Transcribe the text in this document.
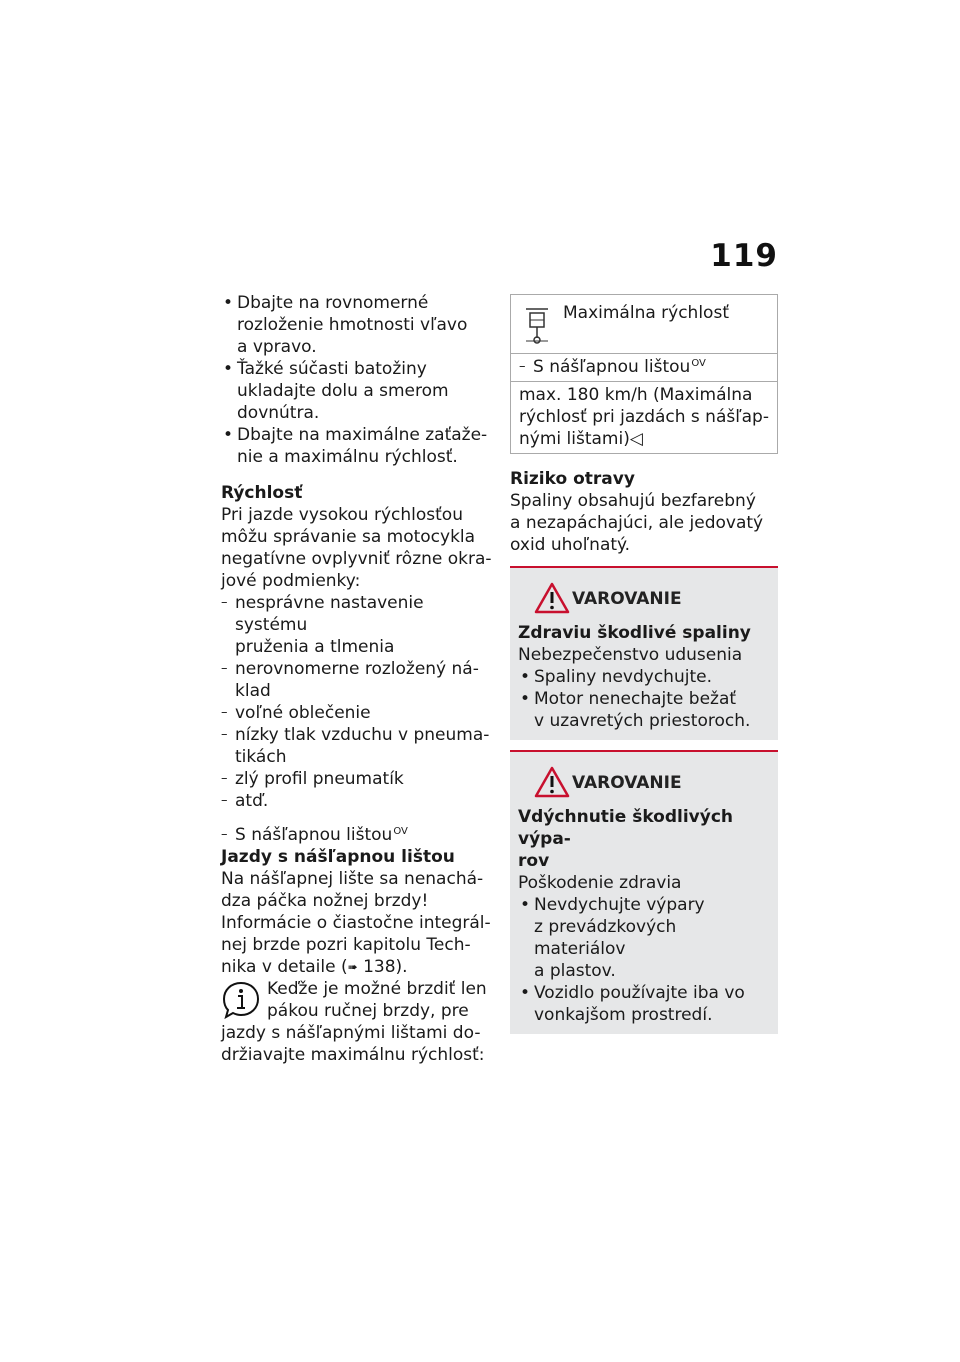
119
• Dbajte na rovnomerné
rozloženie hmotnosti vľavo
a vpravo.
• Ťažké súčasti batožiny
ukladajte dolu a smerom
dovnútra.
• Dbajte na maximálne zaťaže-
nie a maximálnu rýchlosť.
Rýchlosť
Pri jazde vysokou rýchlosťou
môžu správanie sa motocykla
negatívne ovplyvniť rôzne okra-
jové podmienky:
– nesprávne nastavenie systému
pruženia a tlmenia
– nerovnomerne rozložený ná-
klad
– voľné oblečenie
– nízky tlak vzduchu v pneuma-
tikách
– zlý profil pneumatík
– atď.
– S nášľapnou lištou$^{OV}$
Jazdy s nášľapnou lištou
Na nášľapnej lište sa nenachá-
dza páčka nožnej brzdy!
Informácie o čiastočne integrál-
nej brzde pozri kapitolu Tech-
nika v detaile (➠ 138).
Keďže je možné brzdiť len
pákou ručnej brzdy, pre
jazdy s nášľapnými lištami do-
držiavajte maximálnu rýchlosť:
Maximálna rýchlosť
– S nášľapnou lištou$^{OV}$
max. 180 km/h (Maximálna
rýchlosť pri jazdách s nášľap-
nými lištami)◁
Riziko otravy
Spaliny obsahujú bezfarebný
a nezapáchajúci, ale jedovatý
oxid uhoľnatý.
VAROVANIE
Zdraviu škodlivé spaliny
Nebezpečenstvo udusenia
• Spaliny nevdychujte.
• Motor nenechajte bežať
v uzavretých priestoroch.
VAROVANIE
Vdýchnutie škodlivých výpa-
rov
Poškodenie zdravia
• Nevdychujte výpary
z prevádzkových materiálov
a plastov.
• Vozidlo používajte iba vo
vonkajšom prostredí.
